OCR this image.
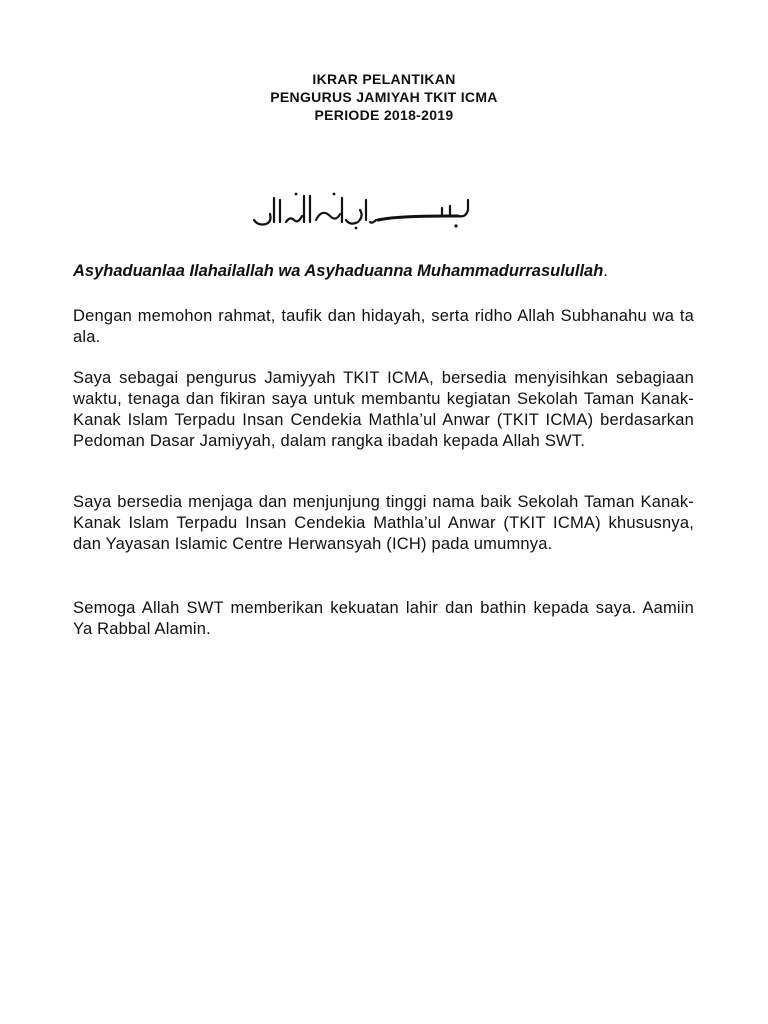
IKRAR PELANTIKAN
PENGURUS JAMIYAH TKIT ICMA
PERIODE 2018-2019
Asyhaduanlaa Ilahailallah wa Asyhaduanna Muhammadurrasulullah.

Dengan memohon rahmat, taufik dan hidayah, serta ridho Allah Subhanahu wa ta ala.

Saya sebagai pengurus Jamiyyah TKIT ICMA, bersedia menyisihkan sebagiaan waktu, tenaga dan fikiran saya untuk membantu kegiatan Sekolah Taman Kanak-Kanak Islam Terpadu Insan Cendekia Mathla’ul Anwar (TKIT ICMA) berdasarkan Pedoman Dasar Jamiyyah, dalam rangka ibadah kepada Allah SWT.

Saya bersedia menjaga dan menjunjung tinggi nama baik Sekolah Taman Kanak-Kanak Islam Terpadu Insan Cendekia Mathla’ul Anwar (TKIT ICMA) khususnya, dan Yayasan Islamic Centre Herwansyah (ICH) pada umumnya.

Semoga Allah SWT memberikan kekuatan lahir dan bathin kepada saya. Aamiin Ya Rabbal Alamin.
